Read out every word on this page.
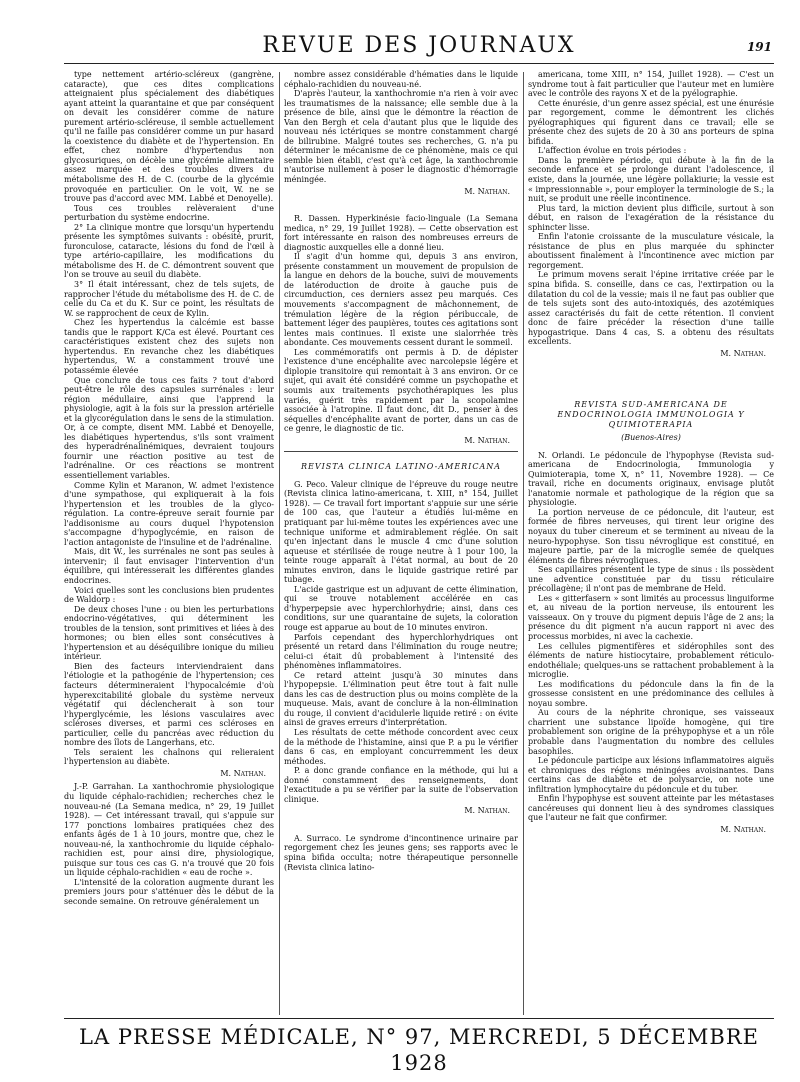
REVUE DES JOURNAUX	191

type nettement artério-scléreux (gangrène, cataracte), que ces dites complications atteignaient plus spécialement des diabétiques ayant atteint la quarantaine et que par conséquent on devait les considérer comme de nature purement artério-scléreuse, il semble actuellement qu'il ne faille pas considérer comme un pur hasard la coexistence du diabète et de l'hypertension. En effet, chez nombre d'hypertendus non glycosuriques, on décèle une glycémie alimentaire assez marquée et des troubles divers du métabolisme des H. de C. (courbe de la glycémie provoquée en particulier. On le voit, W. ne se trouve pas d'accord avec MM. Labbé et Denoyelle).

Tous ces troubles relèveraient d'une perturbation du système endocrine.

2° La clinique montre que lorsqu'un hypertendu présente les symptômes suivants : obésité, prurit, furonculose, cataracte, lésions du fond de l'œil à type artério-capillaire, les modifications du métabolisme des H. de C. démontrent souvent que l'on se trouve au seuil du diabète.

3° Il était intéressant, chez de tels sujets, de rapprocher l'étude du métabolisme des H. de C. de celle du Ca et du K. Sur ce point, les résultats de W. se rapprochent de ceux de Kylin.

Chez les hypertendus la calcémie est basse tandis que le rapport K/Ca est élevé. Pourtant ces caractéristiques existent chez des sujets non hypertendus. En revanche chez les diabétiques hypertendus, W. a constamment trouvé une potassémie élevée

Que conclure de tous ces faits ? tout d'abord peut-être le rôle des capsules surrénales : leur région médullaire, ainsi que l'apprend la physiologie, agit à la fois sur la pression artérielle et la glycorégulation dans le sens de la stimulation. Or, à ce compte, disent MM. Labbé et Denoyelle, les diabétiques hypertendus, s'ils sont vraiment des hyperadrénalinémiques, devraient toujours fournir une réaction positive au test de l'adrénaline. Or ces réactions se montrent essentiellement variables.

Comme Kylin et Maranon, W. admet l'existence d'une sympathose, qui expliquerait à la fois l'hypertension et les troubles de la glyco-régulation. La contre-épreuve serait fournie par l'addisonisme au cours duquel l'hypotension s'accompagne d'hypoglycémie, en raison de l'action antagoniste de l'insuline et de l'adrénaline.

Mais, dit W., les surrénales ne sont pas seules à intervenir; il faut envisager l'intervention d'un équilibre, qui intéresserait les différentes glandes endocrines.

Voici quelles sont les conclusions bien prudentes de Waldorp :

De deux choses l'une : ou bien les perturbations endocrino-végétatives, qui déterminent les troubles de la tension, sont primitives et liées à des hormones; ou bien elles sont consécutives à l'hypertension et au déséquilibre ionique du milieu intérieur.

Bien des facteurs interviendraient dans l'étiologie et la pathogénie de l'hypertension; ces facteurs détermineraient l'hypocalcémie d'où hyperexcitabilité globale du système nerveux végétatif qui déclencherait à son tour l'hyperglycémie, les lésions vasculaires avec scléroses diverses, et parmi ces scléroses en particulier, celle du pancréas avec réduction du nombre des îlots de Langerhans, etc.

Tels seraient les chaînons qui relieraient l'hypertension au diabète.

M. Nathan.

J.-P. Garrahan. La xanthochromie physiologique du liquide céphalo-rachidien; recherches chez le nouveau-né (La Semana medica, n° 29, 19 Juillet 1928). — Cet intéressant travail, qui s'appuie sur 177 ponctions lombaires pratiquées chez des enfants âgés de 1 à 10 jours, montre que, chez le nouveau-né, la xanthochromie du liquide céphalo-rachidien est, pour ainsi dire, physiologique, puisque sur tous ces cas G. n'a trouvé que 20 fois un liquide céphalo-rachidien « eau de roche ».

L'intensité de la coloration augmente durant les premiers jours pour s'atténuer dès le début de la seconde semaine. On retrouve généralement un

nombre assez considérable d'hématies dans le liquide céphalo-rachidien du nouveau-né.

D'après l'auteur, la xanthochromie n'a rien à voir avec les traumatismes de la naissance; elle semble due à la présence de bile, ainsi que le démontre la réaction de Van den Bergh et cela d'autant plus que le liquide des nouveau nés ictériques se montre constamment chargé de bilirubine. Malgré toutes ses recherches, G. n'a pu déterminer le mécanisme de ce phénomène, mais ce qui semble bien établi, c'est qu'à cet âge, la xanthochromie n'autorise nullement à poser le diagnostic d'hémorragie méningée.

M. Nathan.

R. Dassen. Hyperkinésie facio-linguale (La Semana medica, n° 29, 19 Juillet 1928). — Cette observation est fort intéressante en raison des nombreuses erreurs de diagnostic auxquelles elle a donné lieu.

Il s'agit d'un homme qui, depuis 3 ans environ, présente constamment un mouvement de propulsion de la langue en dehors de la bouche, suivi de mouvements de latéroduction de droite à gauche puis de circumduction, ces derniers assez peu marqués. Ces mouvements s'accompagnent de mâchonnement, de trémulation légère de la région péribuccale, de battement léger des paupières, toutes ces agitations sont lentes mais continues. Il existe une sialorrhée très abondante. Ces mouvements cessent durant le sommeil.

Les commémoratifs ont permis à D. de dépister l'existence d'une encéphalite avec narcolepsie légère et diplopie transitoire qui remontait à 3 ans environ. Or ce sujet, qui avait été considéré comme un psychopathe et soumis aux traitements psychothérapiques les plus variés, guérit très rapidement par la scopolamine associée à l'atropine. Il faut donc, dit D., penser à des séquelles d'encéphalite avant de porter, dans un cas de ce genre, le diagnostic de tic.

M. Nathan.

REVISTA CLINICA LATINO-AMERICANA

G. Peco. Valeur clinique de l'épreuve du rouge neutre (Revista clinica latino-americana, t. XIII, n° 154, Juillet 1928). — Ce travail fort important s'appuie sur une série de 100 cas, que l'auteur a étudiés lui-même en pratiquant par lui-même toutes les expériences avec une technique uniforme et admirablement réglée. On sait qu'en injectant dans le muscle 4 cmc d'une solution aqueuse et stérilisée de rouge neutre à 1 pour 100, la teinte rouge apparaît à l'état normal, au bout de 20 minutes environ, dans le liquide gastrique retiré par tubage.

L'acide gastrique est un adjuvant de cette élimination, qui se trouve notablement accélérée en cas d'hyperpepsie avec hyperchlorhydrie; ainsi, dans ces conditions, sur une quarantaine de sujets, la coloration rouge est apparue au bout de 10 minutes environ.

Parfois cependant des hyperchlorhydriques ont présenté un retard dans l'élimination du rouge neutre; celui-ci était dû probablement à l'intensité des phénomènes inflammatoires.

Ce retard atteint jusqu'à 30 minutes dans l'hypopepsie. L'élimination peut être tout à fait nulle dans les cas de destruction plus ou moins complète de la muqueuse. Mais, avant de conclure à la non-élimination du rouge, il convient d'acidulerle liquide retiré : on évite ainsi de graves erreurs d'interprétation.

Les résultats de cette méthode concordent avec ceux de la méthode de l'histamine, ainsi que P. a pu le vérifier dans 6 cas, en employant concurremment les deux méthodes.

P. a donc grande confiance en la méthode, qui lui a donné constamment des renseignements, dont l'exactitude a pu se vérifier par la suite de l'observation clinique.

M. Nathan.

A. Surraco. Le syndrome d'incontinence urinaire par regorgement chez les jeunes gens; ses rapports avec le spina bifida occulta; notre thérapeutique personnelle (Revista clinica latino-

americana, tome XIII, n° 154, Juillet 1928). — C'est un syndrome tout à fait particulier que l'auteur met en lumière avec le contrôle des rayons X et de la pyélographie.

Cette énurésie, d'un genre assez spécial, est une énurésie par regorgement, comme le démontrent les clichés pyélographiques qui figurent dans ce travail; elle se présente chez des sujets de 20 à 30 ans porteurs de spina bifida.

L'affection évolue en trois périodes :

Dans la première période, qui débute à la fin de la seconde enfance et se prolonge durant l'adolescence, il existe, dans la journée, une légère pollakiurie; la vessie est « impressionnable », pour employer la terminologie de S.; la nuit, se produit une réelle incontinence.

Plus tard, la miction devient plus difficile, surtout à son début, en raison de l'exagération de la résistance du sphincter lisse.

Enfin l'atonie croissante de la musculature vésicale, la résistance de plus en plus marquée du sphincter aboutissent finalement à l'incontinence avec miction par regorgement.

Le primum movens serait l'épine irritative créée par le spina bifida. S. conseille, dans ce cas, l'extirpation ou la dilatation du col de la vessie; mais il ne faut pas oublier que de tels sujets sont des auto-intoxiqués, des azotémiques assez caractérisés du fait de cette rétention. Il convient donc de faire précéder la résection d'une taille hypogastrique. Dans 4 cas, S. a obtenu des résultats excellents.

M. Nathan.

REVISTA SUD-AMERICANA DE ENDOCRINOLOGIA IMMUNOLOGIA Y QUIMIOTERAPIA

(Buenos-Aires)

N. Orlandi. Le pédoncule de l'hypophyse (Revista sud-americana de Endocrinologia, Immunologia y Quimioterapia, tome X, n° 11, Novembre 1928). — Ce travail, riche en documents originaux, envisage plutôt l'anatomie normale et pathologique de la région que sa physiologie.

La portion nerveuse de ce pédoncule, dit l'auteur, est formée de fibres nerveuses, qui tirent leur origine des noyaux du tuber cinereum et se terminent au niveau de la neuro-hypophyse. Son tissu névroglique est constitué, en majeure partie, par de la microglie semée de quelques éléments de fibres névrogliques.

Ses capillaires présentent le type de sinus : ils possèdent une adventice constituée par du tissu réticulaire précollagène; il n'ont pas de membrane de Held.

Les « gitterfasern » sont limités au processus linguiforme et, au niveau de la portion nerveuse, ils entourent les vaisseaux. On y trouve du pigment depuis l'âge de 2 ans; la présence du dit pigment n'a aucun rapport ni avec des processus morbides, ni avec la cachexie.

Les cellules pigmentifères et sidérophiles sont des éléments de nature histiocytaire, probablement réticulo-endothéliale; quelques-uns se rattachent probablement à la microglie.

Les modifications du pédoncule dans la fin de la grossesse consistent en une prédominance des cellules à noyau sombre.

Au cours de la néphrite chronique, ses vaisseaux charrient une substance lipoïde homogène, qui tire probablement son origine de la préhypophyse et a un rôle probable dans l'augmentation du nombre des cellules basophiles.

Le pédoncule participe aux lésions inflammatoires aiguës et chroniques des régions méningées avoisinantes. Dans certains cas de diabète et de polysarcie, on note une infiltration lymphocytaire du pédoncule et du tuber.

Enfin l'hypophyse est souvent atteinte par les métastases cancéreuses qui donnent lieu à des syndromes classiques que l'auteur ne fait que confirmer.

M. Nathan.

LA PRESSE MÉDICALE, N° 97, MERCREDI, 5 DÉCEMBRE 1928
